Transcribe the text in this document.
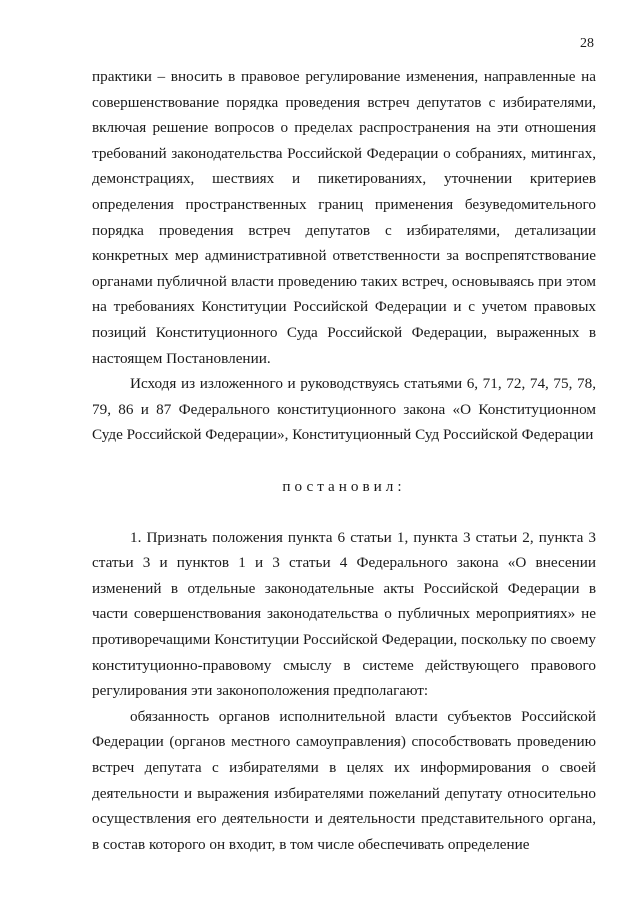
28

практики – вносить в правовое регулирование изменения, направленные на совершенствование порядка проведения встреч депутатов с избирателями, включая решение вопросов о пределах распространения на эти отношения требований законодательства Российской Федерации о собраниях, митингах, демонстрациях, шествиях и пикетированиях, уточнении критериев определения пространственных границ применения безуведомительного порядка проведения встреч депутатов с избирателями, детализации конкретных мер административной ответственности за воспрепятствование органами публичной власти проведению таких встреч, основываясь при этом на требованиях Конституции Российской Федерации и с учетом правовых позиций Конституционного Суда Российской Федерации, выраженных в настоящем Постановлении.

Исходя из изложенного и руководствуясь статьями 6, 71, 72, 74, 75, 78, 79, 86 и 87 Федерального конституционного закона «О Конституционном Суде Российской Федерации», Конституционный Суд Российской Федерации

постановил:

1. Признать положения пункта 6 статьи 1, пункта 3 статьи 2, пункта 3 статьи 3 и пунктов 1 и 3 статьи 4 Федерального закона «О внесении изменений в отдельные законодательные акты Российской Федерации в части совершенствования законодательства о публичных мероприятиях» не противоречащими Конституции Российской Федерации, поскольку по своему конституционно-правовому смыслу в системе действующего правового регулирования эти законоположения предполагают:

обязанность органов исполнительной власти субъектов Российской Федерации (органов местного самоуправления) способствовать проведению встреч депутата с избирателями в целях их информирования о своей деятельности и выражения избирателями пожеланий депутату относительно осуществления его деятельности и деятельности представительного органа, в состав которого он входит, в том числе обеспечивать определение
